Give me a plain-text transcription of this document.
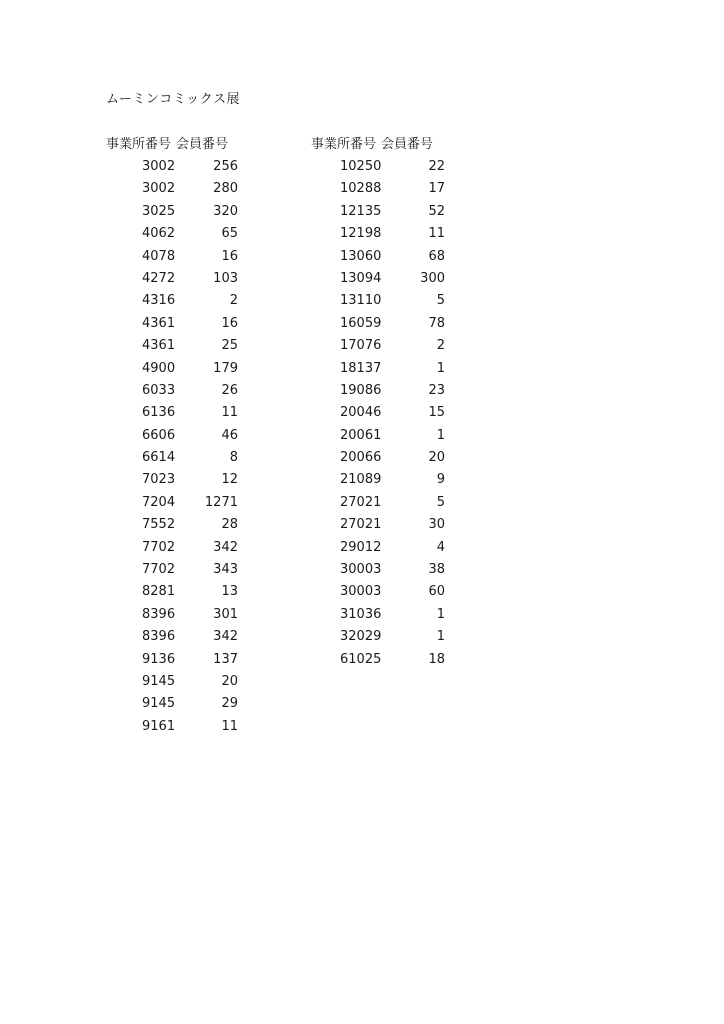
ムーミンコミックス展
事業所番号 会員番号
3002	256
3002	280
3025	320
4062	65
4078	16
4272	103
4316	2
4361	16
4361	25
4900	179
6033	26
6136	11
6606	46
6614	8
7023	12
7204	1271
7552	28
7702	342
7702	343
8281	13
8396	301
8396	342
9136	137
9145	20
9145	29
9161	11
事業所番号 会員番号
10250	22
10288	17
12135	52
12198	11
13060	68
13094	300
13110	5
16059	78
17076	2
18137	1
19086	23
20046	15
20061	1
20066	20
21089	9
27021	5
27021	30
29012	4
30003	38
30003	60
31036	1
32029	1
61025	18
